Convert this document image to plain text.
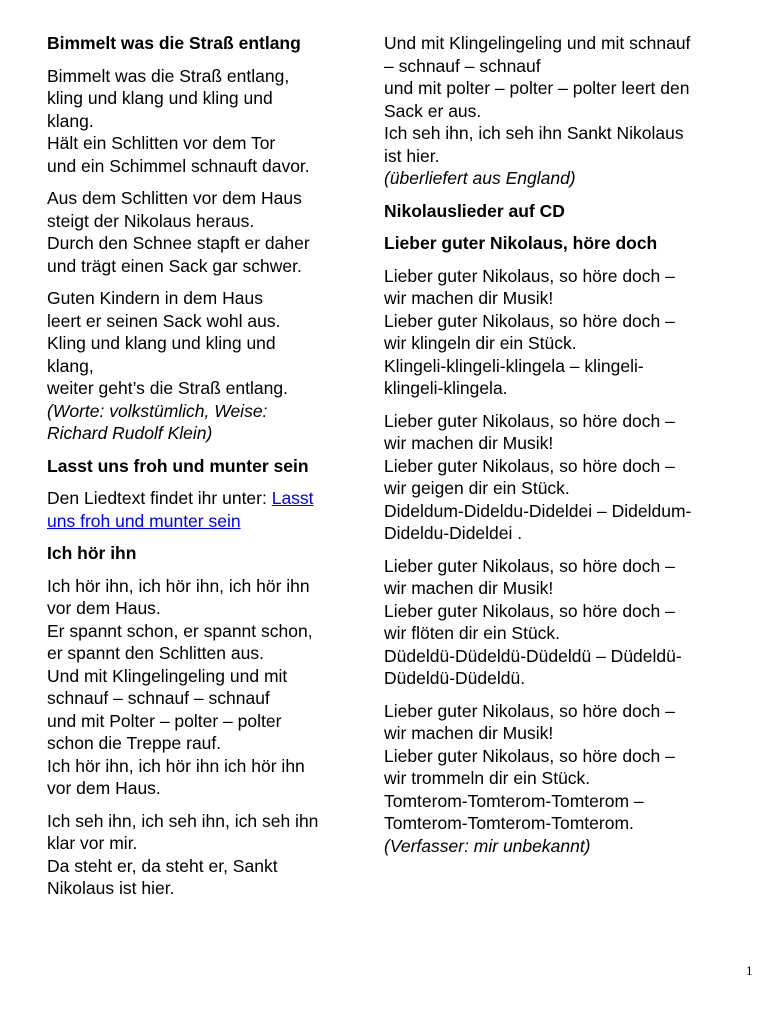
Bimmelt was die Straß entlang
Bimmelt was die Straß entlang,
kling und klang und kling und
klang.
Hält ein Schlitten vor dem Tor
und ein Schimmel schnauft davor.
Aus dem Schlitten vor dem Haus
steigt der Nikolaus heraus.
Durch den Schnee stapft er daher
und trägt einen Sack gar schwer.
Guten Kindern in dem Haus
leert er seinen Sack wohl aus.
Kling und klang und kling und
klang,
weiter geht’s die Straß entlang.
(Worte: volkstümlich, Weise:
Richard Rudolf Klein)
Lasst uns froh und munter sein
Den Liedtext findet ihr unter: Lasst
uns froh und munter sein
Ich hör ihn
Ich hör ihn, ich hör ihn, ich hör ihn
vor dem Haus.
Er spannt schon, er spannt schon,
er spannt den Schlitten aus.
Und mit Klingelingeling und mit
schnauf – schnauf – schnauf
und mit Polter – polter – polter
schon die Treppe rauf.
Ich hör ihn, ich hör ihn ich hör ihn
vor dem Haus.
Ich seh ihn, ich seh ihn, ich seh ihn
klar vor mir.
Da steht er, da steht er, Sankt
Nikolaus ist hier.
Und mit Klingelingeling und mit schnauf
– schnauf – schnauf
und mit polter – polter – polter leert den
Sack er aus.
Ich seh ihn, ich seh ihn Sankt Nikolaus
ist hier.
(überliefert aus England)
Nikolauslieder auf CD
Lieber guter Nikolaus, höre doch
Lieber guter Nikolaus, so höre doch –
wir machen dir Musik!
Lieber guter Nikolaus, so höre doch –
wir klingeln dir ein Stück.
Klingeli-klingeli-klingela – klingeli-
klingeli-klingela.
Lieber guter Nikolaus, so höre doch –
wir machen dir Musik!
Lieber guter Nikolaus, so höre doch –
wir geigen dir ein Stück.
Dideldum-Dideldu-Dideldei – Dideldum-
Dideldu-Dideldei .
Lieber guter Nikolaus, so höre doch –
wir machen dir Musik!
Lieber guter Nikolaus, so höre doch –
wir flöten dir ein Stück.
Düdeldü-Düdeldü-Düdeldü – Düdeldü-
Düdeldü-Düdeldü.
Lieber guter Nikolaus, so höre doch –
wir machen dir Musik!
Lieber guter Nikolaus, so höre doch –
wir trommeln dir ein Stück.
Tomterom-Tomterom-Tomterom –
Tomterom-Tomterom-Tomterom.
(Verfasser: mir unbekannt)
1
